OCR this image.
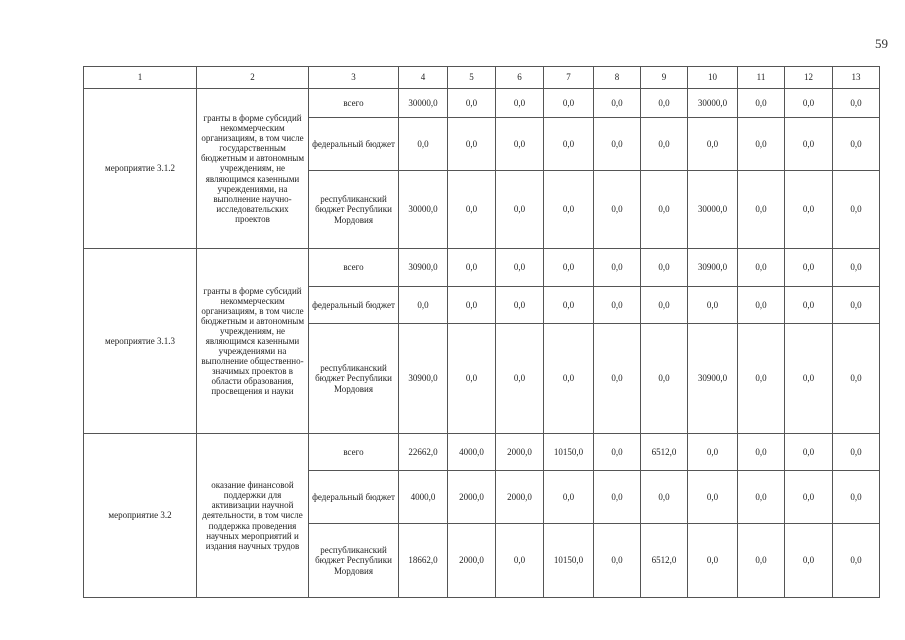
59
1	2	3	4	5	6	7	8	9	10	11	12	13
мероприятие 3.1.2	гранты в форме субсидий некоммерческим организациям, в том числе государственным бюджетным и автономным учреждениям, не являющимся казенными учреждениями, на выполнение научно-исследовательских проектов	всего	30000,0	0,0	0,0	0,0	0,0	0,0	30000,0	0,0	0,0	0,0
		федеральный бюджет	0,0	0,0	0,0	0,0	0,0	0,0	0,0	0,0	0,0	0,0
		республиканский бюджет Республики Мордовия	30000,0	0,0	0,0	0,0	0,0	0,0	30000,0	0,0	0,0	0,0
мероприятие 3.1.3	гранты в форме субсидий некоммерческим организациям, в том числе бюджетным и автономным учреждениям, не являющимся казенными учреждениями на выполнение общественно-значимых проектов в области образования, просвещения и науки	всего	30900,0	0,0	0,0	0,0	0,0	0,0	30900,0	0,0	0,0	0,0
		федеральный бюджет	0,0	0,0	0,0	0,0	0,0	0,0	0,0	0,0	0,0	0,0
		республиканский бюджет Республики Мордовия	30900,0	0,0	0,0	0,0	0,0	0,0	30900,0	0,0	0,0	0,0
мероприятие 3.2	оказание финансовой поддержки для активизации научной деятельности, в том числе поддержка проведения научных мероприятий и издания научных трудов	всего	22662,0	4000,0	2000,0	10150,0	0,0	6512,0	0,0	0,0	0,0	0,0
		федеральный бюджет	4000,0	2000,0	2000,0	0,0	0,0	0,0	0,0	0,0	0,0	0,0
		республиканский бюджет Республики Мордовия	18662,0	2000,0	0,0	10150,0	0,0	6512,0	0,0	0,0	0,0	0,0
